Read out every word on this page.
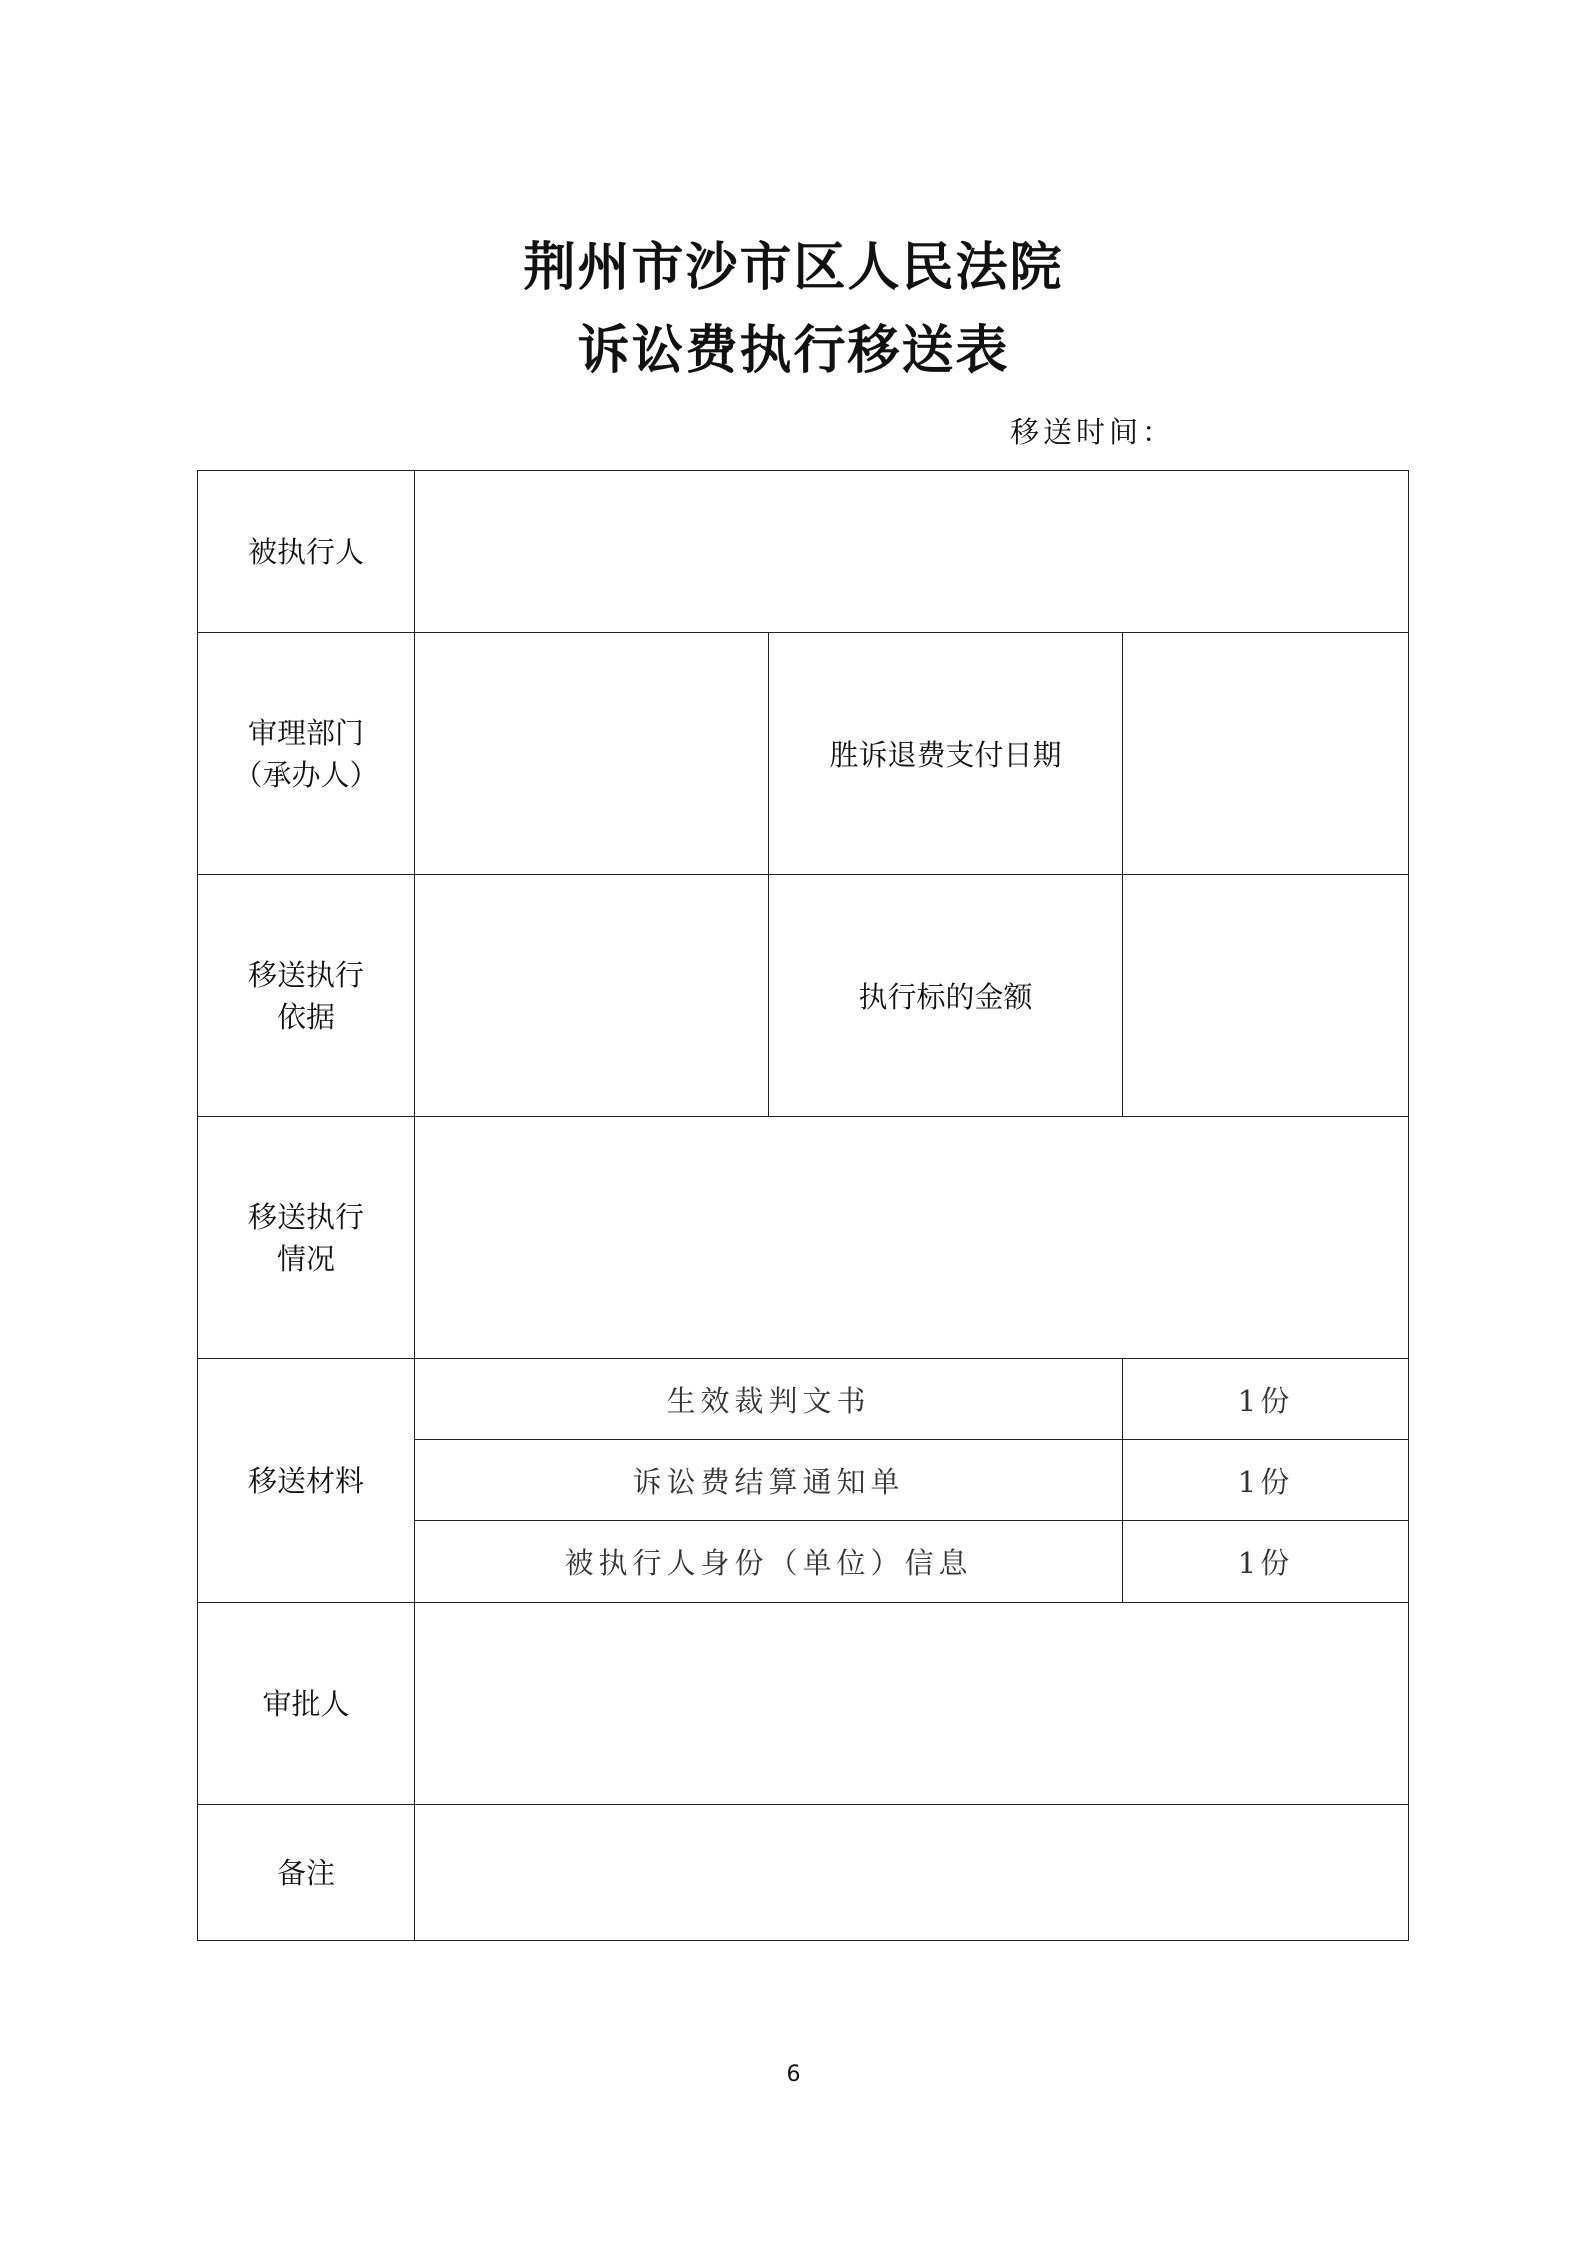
荆州市沙市区人民法院
诉讼费执行移送表
移送时间：
被执行人			

审理部门
（承办人）		胜诉退费支付日期	

移送执行
依据		执行标的金额	

移送执行
情况			

移送材料	生效裁判文书		1份
	诉讼费结算通知单		1份
	被执行人身份（单位）信息		1份

审批人			

备注			

6
